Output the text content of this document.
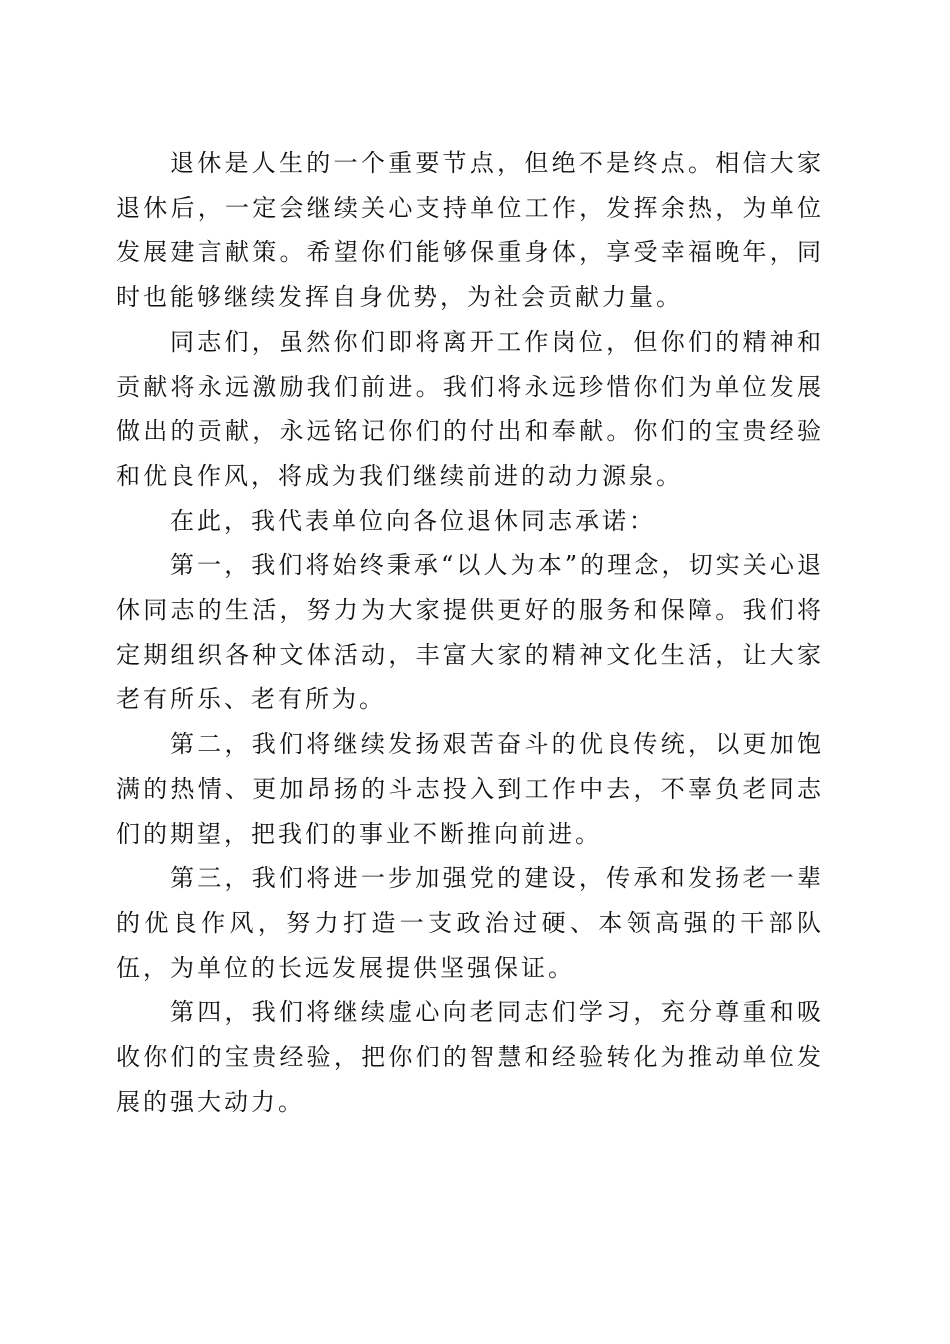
退休是人生的一个重要节点，但绝不是终点。相信大家退休后，一定会继续关心支持单位工作，发挥余热，为单位发展建言献策。希望你们能够保重身体，享受幸福晚年，同时也能够继续发挥自身优势，为社会贡献力量。

同志们，虽然你们即将离开工作岗位，但你们的精神和贡献将永远激励我们前进。我们将永远珍惜你们为单位发展做出的贡献，永远铭记你们的付出和奉献。你们的宝贵经验和优良作风，将成为我们继续前进的动力源泉。

在此，我代表单位向各位退休同志承诺：

第一，我们将始终秉承“以人为本”的理念，切实关心退休同志的生活，努力为大家提供更好的服务和保障。我们将定期组织各种文体活动，丰富大家的精神文化生活，让大家老有所乐、老有所为。

第二，我们将继续发扬艰苦奋斗的优良传统，以更加饱满的热情、更加昂扬的斗志投入到工作中去，不辜负老同志们的期望，把我们的事业不断推向前进。

第三，我们将进一步加强党的建设，传承和发扬老一辈的优良作风，努力打造一支政治过硬、本领高强的干部队伍，为单位的长远发展提供坚强保证。

第四，我们将继续虚心向老同志们学习，充分尊重和吸收你们的宝贵经验，把你们的智慧和经验转化为推动单位发展的强大动力。
